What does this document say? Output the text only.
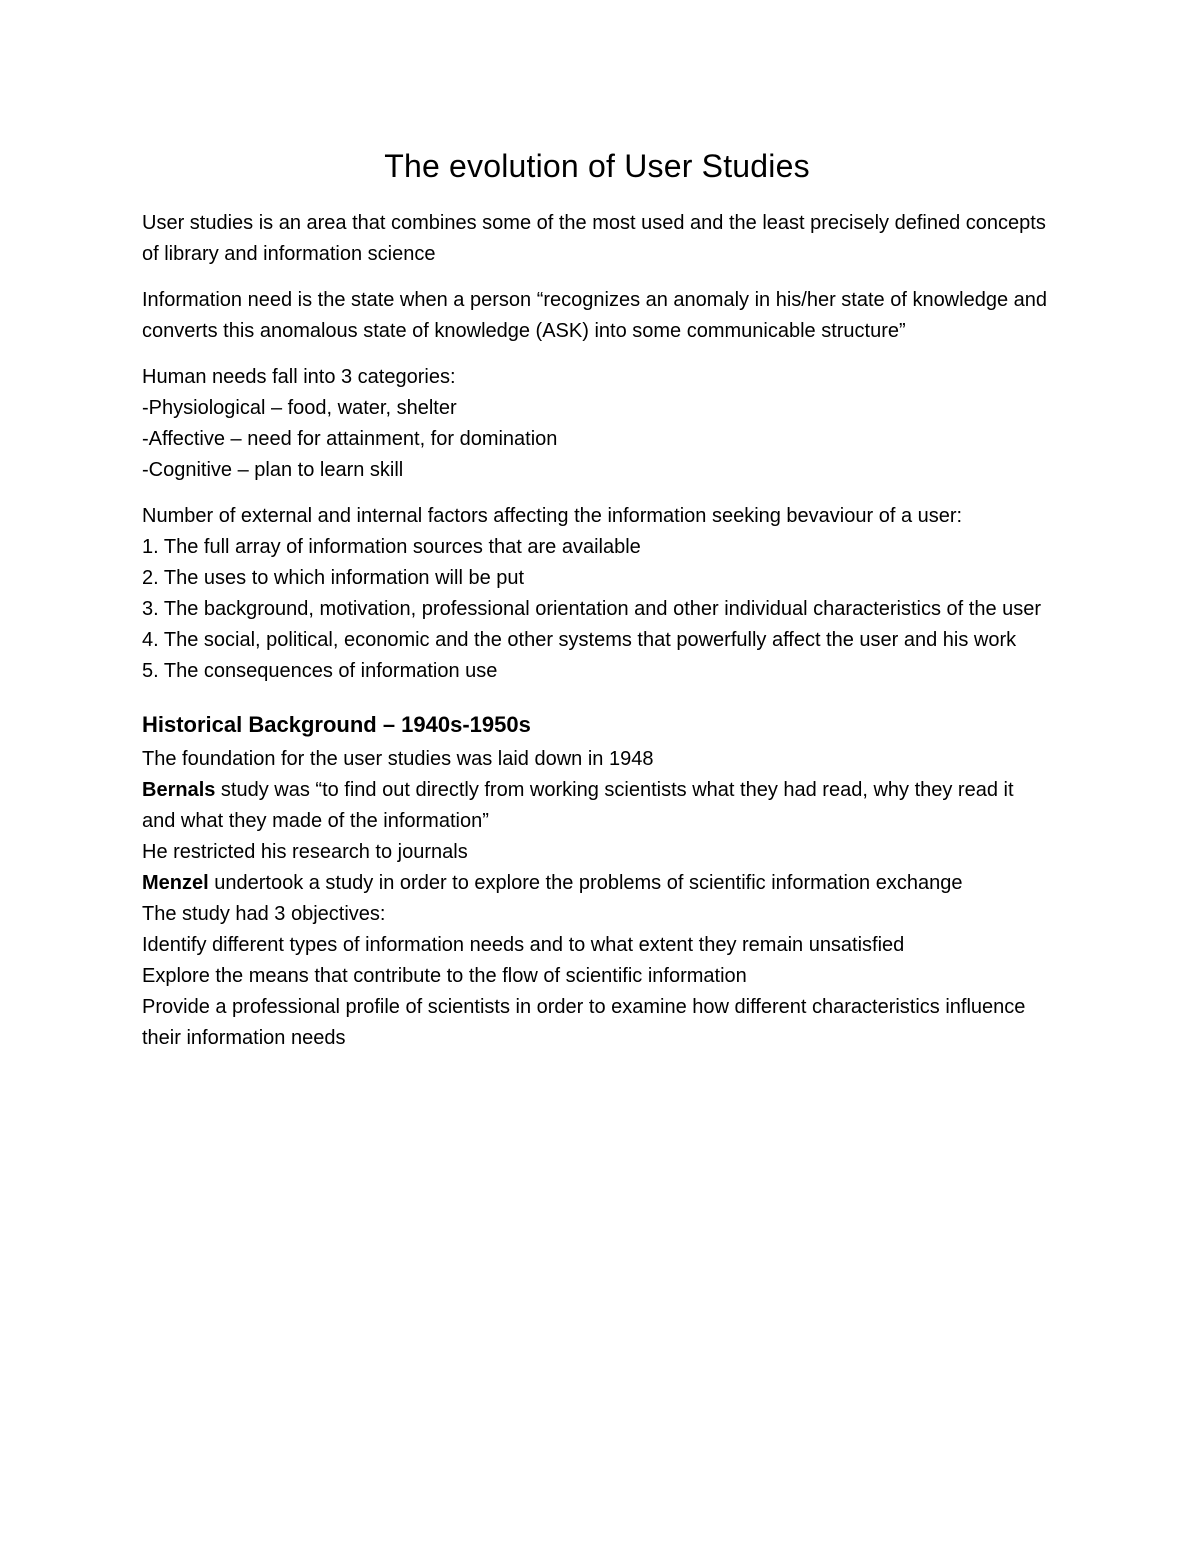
The evolution of User Studies

User studies is an area that combines some of the most used and the least precisely defined concepts of library and information science

Information need is the state when a person “recognizes an anomaly in his/her state of knowledge and converts this anomalous state of knowledge (ASK) into some communicable structure”

Human needs fall into 3 categories:
-Physiological – food, water, shelter
-Affective – need for attainment, for domination
-Cognitive – plan to learn skill

Number of external and internal factors affecting the information seeking bevaviour of a user:
1. The full array of information sources that are available
2. The uses to which information will be put
3. The background, motivation, professional orientation and other individual characteristics of the user
4. The social, political, economic and the other systems that powerfully affect the user and his work
5. The consequences of information use

Historical Background – 1940s-1950s

The foundation for the user studies was laid down in 1948
Bernals study was “to find out directly from working scientists what they had read, why they read it and what they made of the information”
He restricted his research to journals
Menzel undertook a study in order to explore the problems of scientific information exchange
The study had 3 objectives:
Identify different types of information needs and to what extent they remain unsatisfied
Explore the means that contribute to the flow of scientific information
Provide a professional profile of scientists in order to examine how different characteristics influence their information needs
